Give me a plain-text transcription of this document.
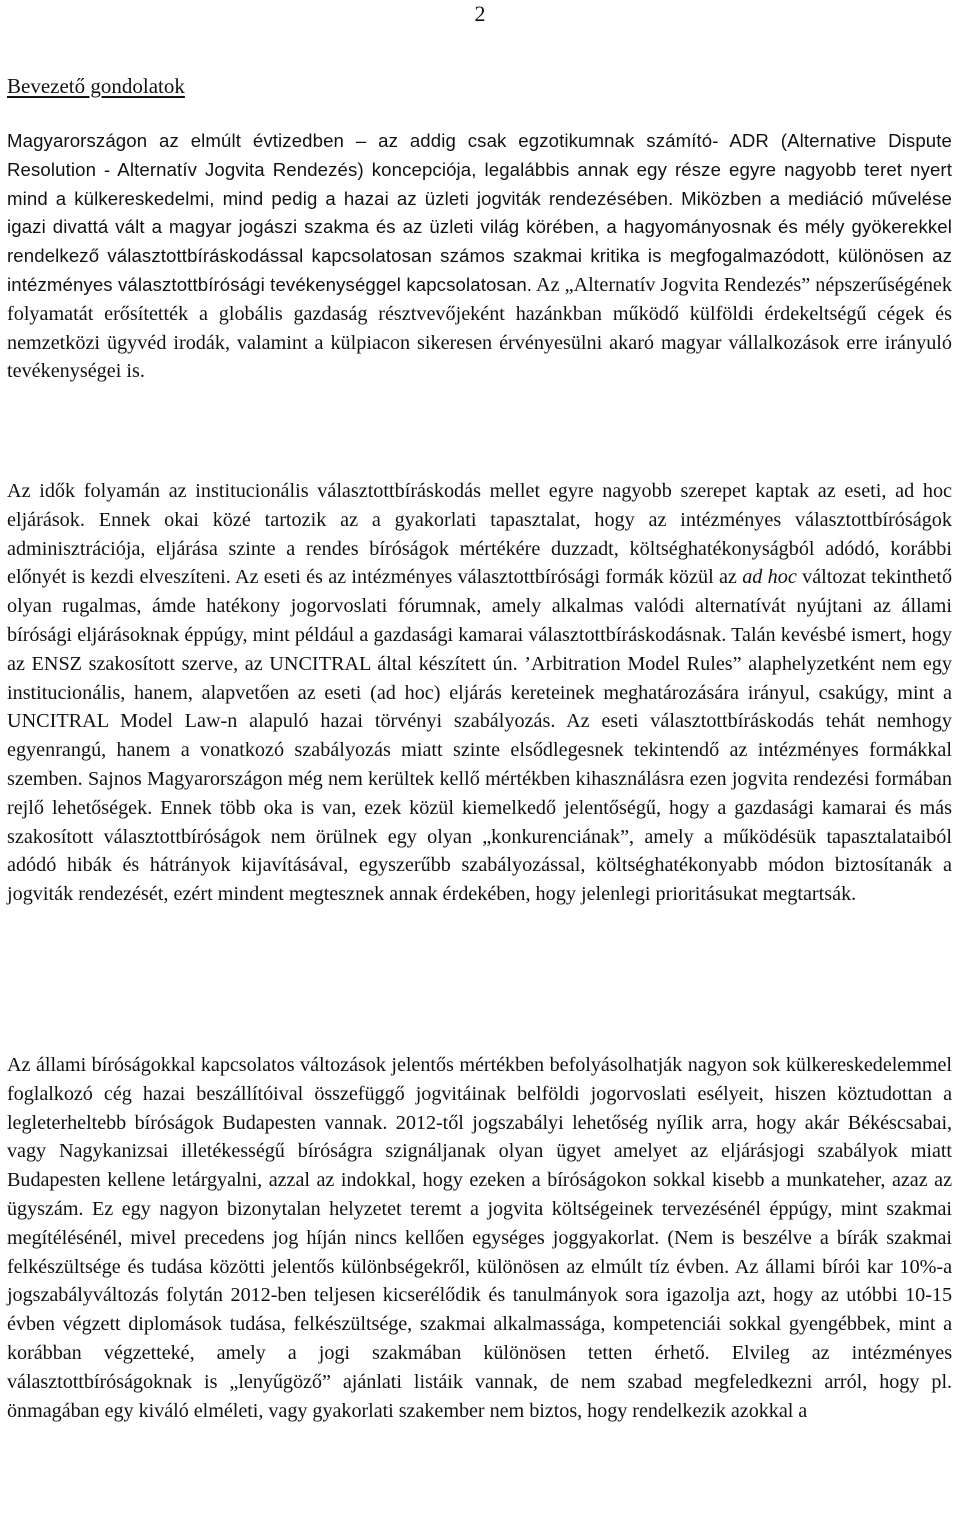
2
Bevezető gondolatok

Magyarországon az elmúlt évtizedben – az addig csak egzotikumnak számító- ADR (Alternative Dispute Resolution - Alternatív Jogvita Rendezés) koncepciója, legalábbis annak egy része egyre nagyobb teret nyert mind a külkereskedelmi, mind pedig a hazai az üzleti jogviták rendezésében. Miközben a mediáció művelése igazi divattá vált a magyar jogászi szakma és az üzleti világ körében, a hagyományosnak és mély gyökerekkel rendelkező választottbíráskodással kapcsolatosan számos szakmai kritika is megfogalmazódott, különösen az intézményes választottbírósági tevékenységgel kapcsolatosan. Az „Alternatív Jogvita Rendezés” népszerűségének folyamatát erősítették a globális gazdaság résztvevőjeként hazánkban működő külföldi érdekeltségű cégek és nemzetközi ügyvéd irodák, valamint a külpiacon sikeresen érvényesülni akaró magyar vállalkozások erre irányuló tevékenységei is.

Az idők folyamán az institucionális választottbíráskodás mellet egyre nagyobb szerepet kaptak az eseti, ad hoc eljárások. Ennek okai közé tartozik az a gyakorlati tapasztalat, hogy az intézményes választottbíróságok adminisztrációja, eljárása szinte a rendes bíróságok mértékére duzzadt, költséghatékonyságból adódó, korábbi előnyét is kezdi elveszíteni. Az eseti és az intézményes választottbírósági formák közül az ad hoc változat tekinthető olyan rugalmas, ámde hatékony jogorvoslati fórumnak, amely alkalmas valódi alternatívát nyújtani az állami bírósági eljárásoknak éppúgy, mint például a gazdasági kamarai választottbíráskodásnak. Talán kevésbé ismert, hogy az ENSZ szakosított szerve, az UNCITRAL által készített ún. ’Arbitration Model Rules” alaphelyzetként nem egy institucionális, hanem, alapvetően az eseti (ad hoc) eljárás kereteinek meghatározására irányul, csakúgy, mint a UNCITRAL Model Law-n alapuló hazai törvényi szabályozás. Az eseti választottbíráskodás tehát nemhogy egyenrangú, hanem a vonatkozó szabályozás miatt szinte elsődlegesnek tekintendő az intézményes formákkal szemben. Sajnos Magyarországon még nem kerültek kellő mértékben kihasználásra ezen jogvita rendezési formában rejlő lehetőségek. Ennek több oka is van, ezek közül kiemelkedő jelentőségű, hogy a gazdasági kamarai és más szakosított választottbíróságok nem örülnek egy olyan „konkurenciának”, amely a működésük tapasztalataiból adódó hibák és hátrányok kijavításával, egyszerűbb szabályozással, költséghatékonyabb módon biztosítanák a jogviták rendezését, ezért mindent megtesznek annak érdekében, hogy jelenlegi prioritásukat megtartsák.

Az állami bíróságokkal kapcsolatos változások jelentős mértékben befolyásolhatják nagyon sok külkereskedelemmel foglalkozó cég hazai beszállítóival összefüggő jogvitáinak belföldi jogorvoslati esélyeit, hiszen köztudottan a legleterheltebb bíróságok Budapesten vannak. 2012-től jogszabályi lehetőség nyílik arra, hogy akár Békéscsabai, vagy Nagykanizsai illetékességű bíróságra szignáljanak olyan ügyet amelyet az eljárásjogi szabályok miatt Budapesten kellene letárgyalni, azzal az indokkal, hogy ezeken a bíróságokon sokkal kisebb a munkateher, azaz az ügyszám. Ez egy nagyon bizonytalan helyzetet teremt a jogvita költségeinek tervezésénél éppúgy, mint szakmai megítélésénél, mivel precedens jog híján nincs kellően egységes joggyakorlat. (Nem is beszélve a bírák szakmai felkészültsége és tudása közötti jelentős különbségekről, különösen az elmúlt tíz évben. Az állami bírói kar 10%-a jogszabályváltozás folytán 2012-ben teljesen kicserélődik és tanulmányok sora igazolja azt, hogy az utóbbi 10-15 évben végzett diplomások tudása, felkészültsége, szakmai alkalmassága, kompetenciái sokkal gyengébbek, mint a korábban végzetteké, amely a jogi szakmában különösen tetten érhető. Elvileg az intézményes választottbíróságoknak is „lenyűgöző” ajánlati listáik vannak, de nem szabad megfeledkezni arról, hogy pl. önmagában egy kiváló elméleti, vagy gyakorlati szakember nem biztos, hogy rendelkezik azokkal a
